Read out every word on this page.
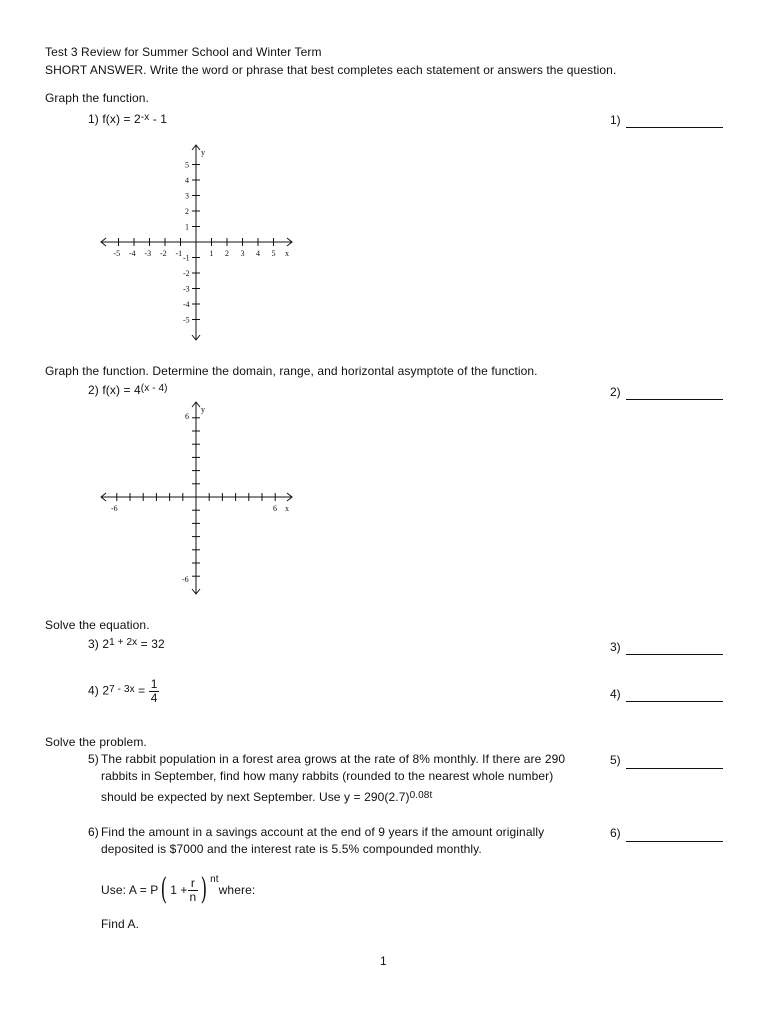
Test 3 Review for Summer School and Winter Term
SHORT ANSWER. Write the word or phrase that best completes each statement or answers the question.
Graph the function.
1) $f(x) = 2^{-x} - 1$	1)
y
x
-5 -4 -3 -2 -1	1 2 3 4 5
5
4
3
2
1
-1
-2
-3
-4
-5
Graph the function. Determine the domain, range, and horizontal asymptote of the function.
2) $f(x) = 4^{(x - 4)}$	2)
y
x
-6	6
6
-6
Solve the equation.
3) $2^{1 + 2x} = 32$	3)
4) $2^{7 - 3x} = \frac{1}{4}$	4)
Solve the problem.
5) The rabbit population in a forest area grows at the rate of 8% monthly. If there are 290
rabbits in September, find how many rabbits (rounded to the nearest whole number)
should be expected by next September. Use $y = 290(2.7)^{0.08t}$
5)
6) Find the amount in a savings account at the end of 9 years if the amount originally
deposited is $7000 and the interest rate is 5.5% compounded monthly.
6)
Use: A = P ( $1 + \frac{r}{n}$ ) $^{nt}$
where:
Find A.
1
